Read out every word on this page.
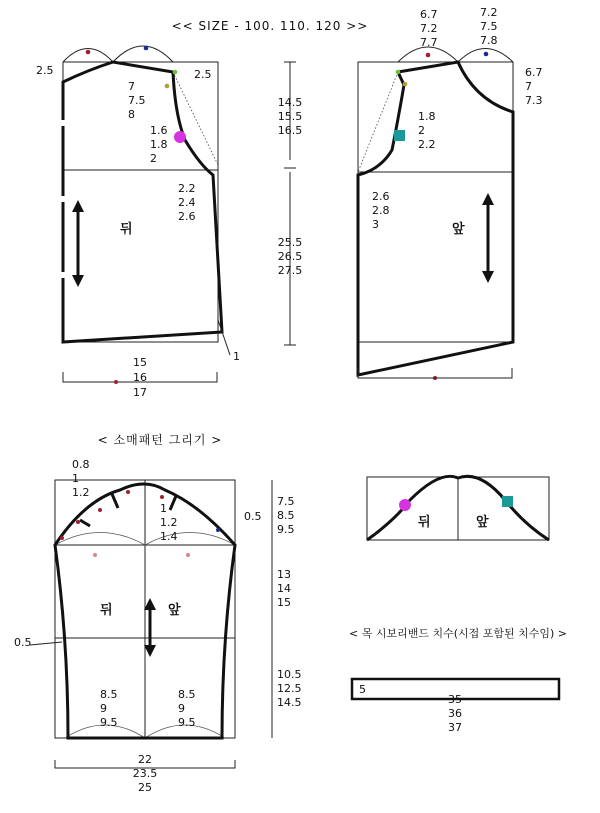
<< SIZE - 100. 110. 120 >>
뒤
2.5	2.5
7
7.5
8
1.6
1.8
2
2.2
2.4
2.6
1
15
16
17
14.5
15.5
16.5
25.5
26.5
27.5
앞
6.7
7.2
7.7
7.2
7.5
7.8
6.7
7
7.3
1.8
2
2.2
2.6
2.8
3
< 소매패턴 그리기 >
뒤	앞
0.8
1
1.2
1
1.2
1.4
0.5
0.5
8.5
9
9.5
8.5
9
9.5
7.5
8.5
9.5
13
14
15
10.5
12.5
14.5
22
23.5
25
뒤	앞
< 목 시보리밴드 치수(시접 포함된 치수임) >
5
35
36
37
